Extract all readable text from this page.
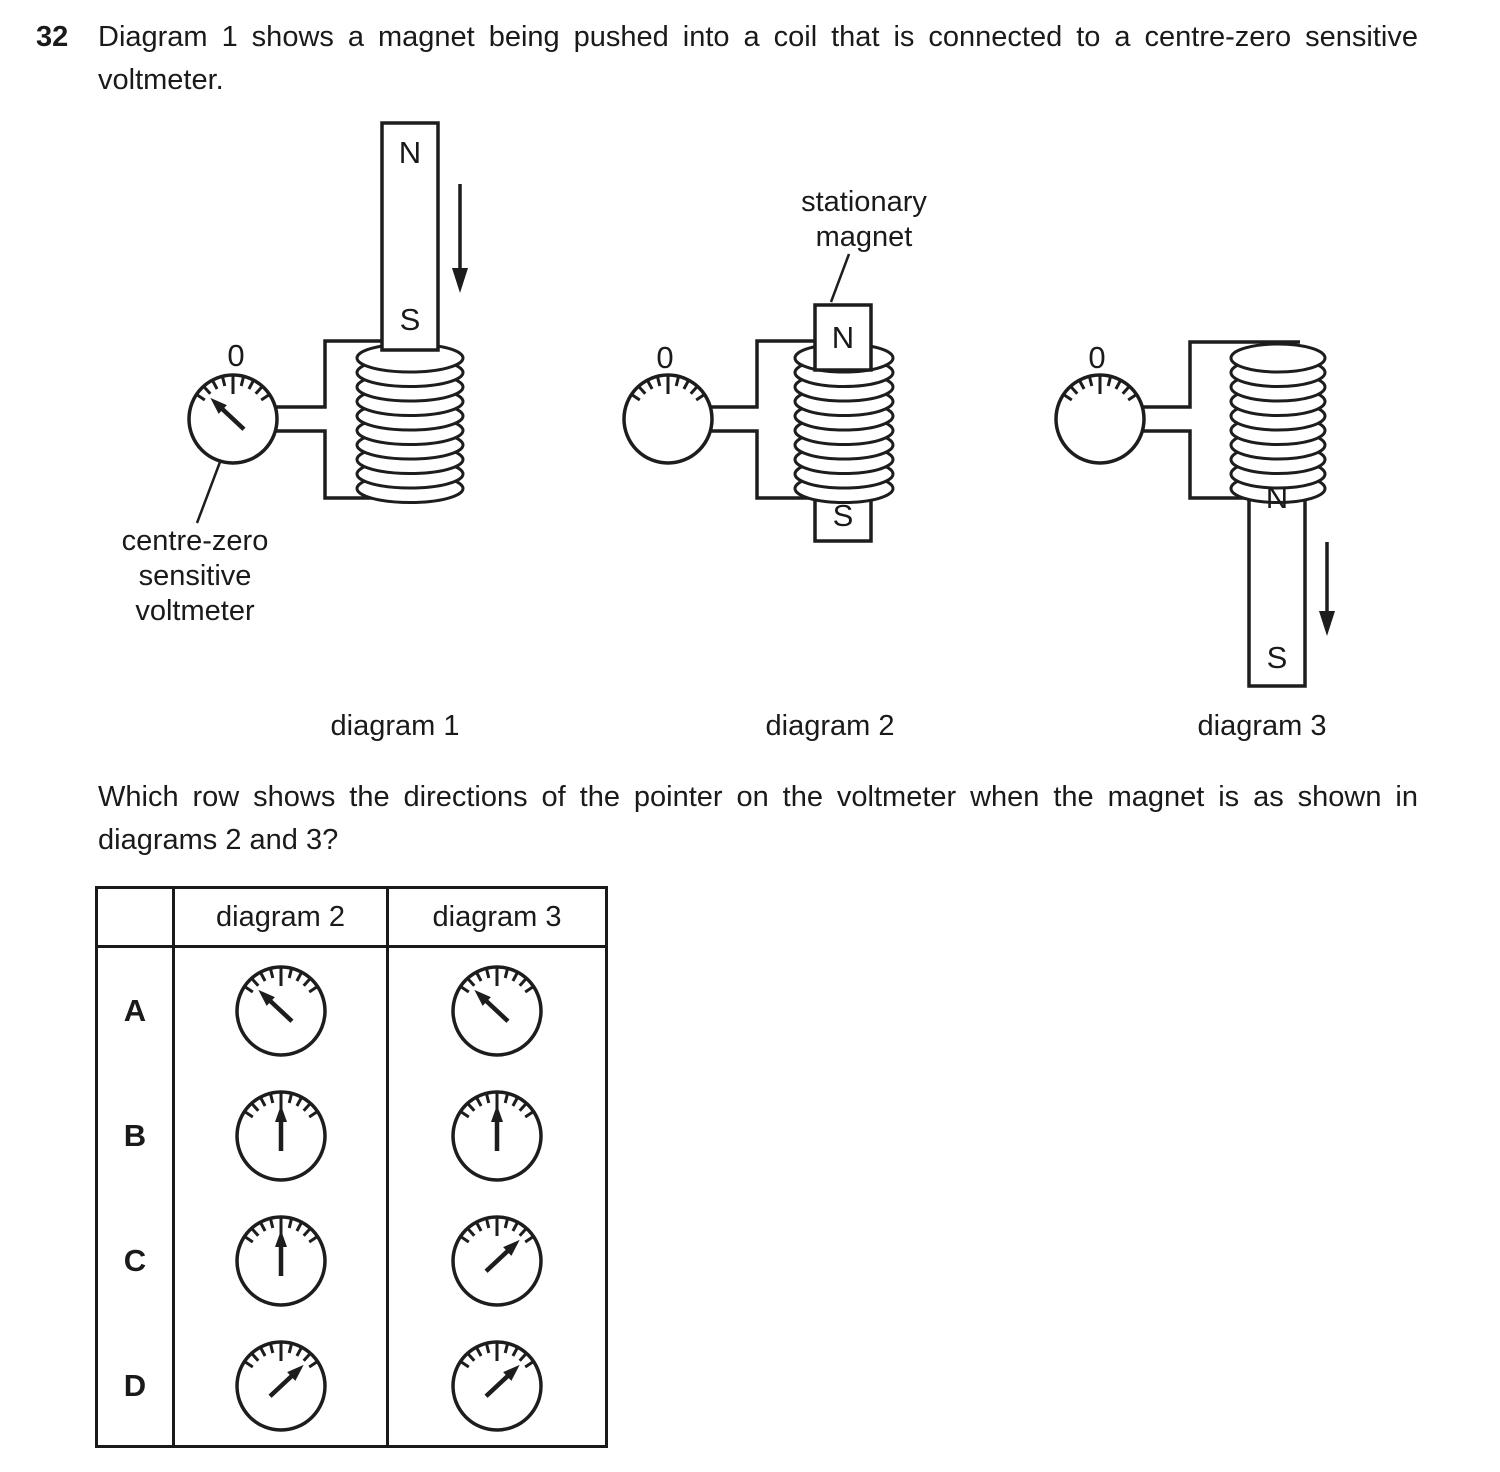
32 Diagram 1 shows a magnet being pushed into a coil that is connected to a centre-zero sensitive
voltmeter.
N
S
0
centre-zero
sensitive
voltmeter
diagram 1
N
S
stationary
magnet
0
diagram 2
S
N
0
diagram 3
Which row shows the directions of the pointer on the voltmeter when the magnet is as shown in
diagrams 2 and 3?
diagram 2	diagram 3
A
B
C
D
